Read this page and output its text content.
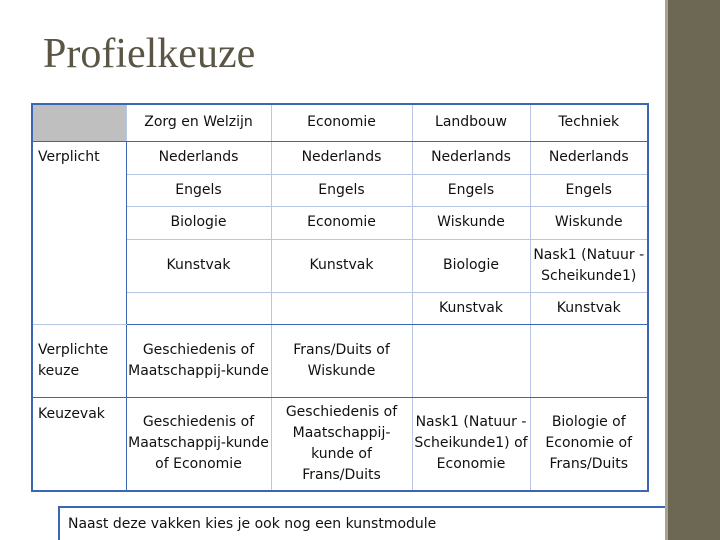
Profielkeuze
	Zorg en Welzijn	Economie	Landbouw	Techniek
Verplicht	Nederlands	Nederlands	Nederlands	Nederlands
	Engels	Engels	Engels	Engels
	Biologie	Economie	Wiskunde	Wiskunde
	Kunstvak	Kunstvak	Biologie	Nask1 (Natuur -Scheikunde1)
			Kunstvak	Kunstvak
Verplichte keuze	Geschiedenis of Maatschappij-kunde	Frans/Duits of Wiskunde		
Keuzevak	Geschiedenis of Maatschappij-kunde of Economie	Geschiedenis of Maatschappij-kunde of Frans/Duits	Nask1 (Natuur -Scheikunde1) of Economie	Biologie of Economie of Frans/Duits
Naast deze vakken kies je ook nog een kunstmodule
